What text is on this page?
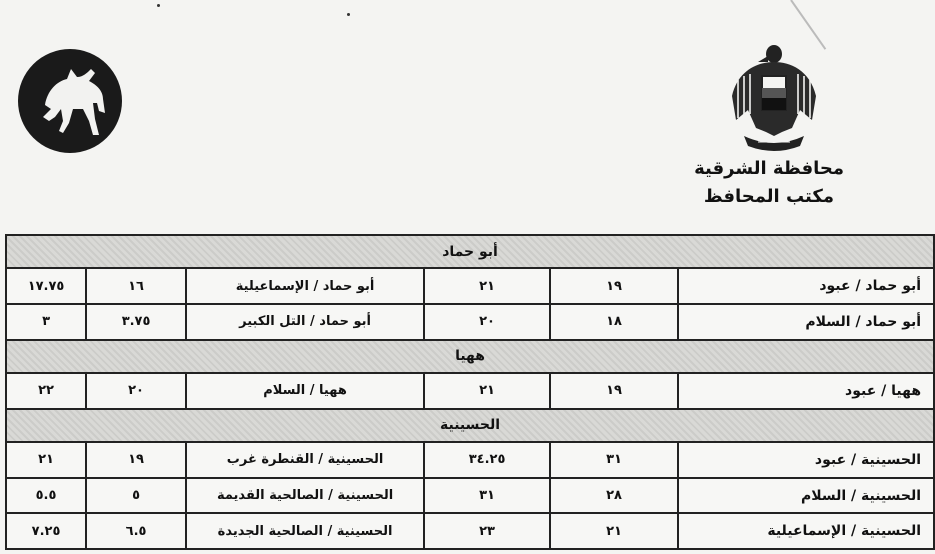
محافظة الشرقية
مكتب المحافظ
أبو حماد					
أبو حماد / عبود	١٩	٢١	أبو حماد / الإسماعيلية	١٦	١٧.٧٥
أبو حماد / السلام	١٨	٢٠	أبو حماد / التل الكبير	٣.٧٥	٣
ههيا					
ههيا / عبود	١٩	٢١	ههيا / السلام	٢٠	٢٢
الحسينية					
الحسينية / عبود	٣١	٣٤.٢٥	الحسينية / القنطرة غرب	١٩	٢١
الحسينية / السلام	٢٨	٣١	الحسينية / الصالحية القديمة	٥	٥.٥
الحسينية / الإسماعيلية	٢١	٢٣	الحسينية / الصالحية الجديدة	٦.٥	٧.٢٥
